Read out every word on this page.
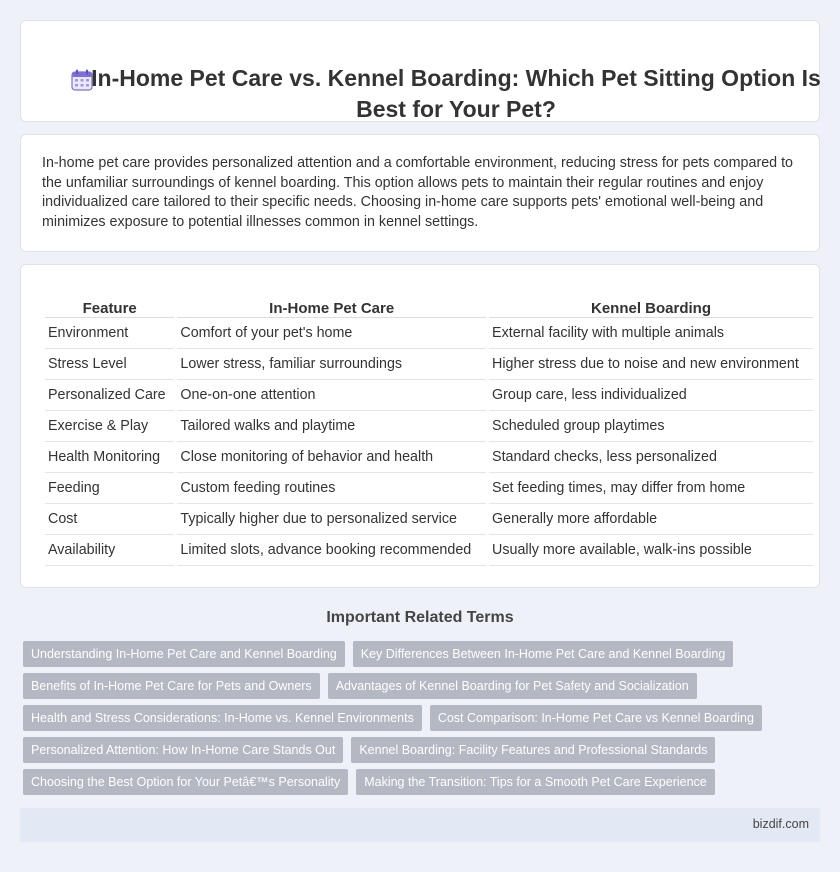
In-Home Pet Care vs. Kennel Boarding: Which Pet Sitting Option Is
Best for Your Pet?

In-home pet care provides personalized attention and a comfortable environment, reducing stress for pets compared to the unfamiliar surroundings of kennel boarding. This option allows pets to maintain their regular routines and enjoy individualized care tailored to their specific needs. Choosing in-home care supports pets' emotional well-being and minimizes exposure to potential illnesses common in kennel settings.

Feature	In-Home Pet Care	Kennel Boarding
Environment	Comfort of your pet's home	External facility with multiple animals
Stress Level	Lower stress, familiar surroundings	Higher stress due to noise and new environment
Personalized Care	One-on-one attention	Group care, less individualized
Exercise & Play	Tailored walks and playtime	Scheduled group playtimes
Health Monitoring	Close monitoring of behavior and health	Standard checks, less personalized
Feeding	Custom feeding routines	Set feeding times, may differ from home
Cost	Typically higher due to personalized service	Generally more affordable
Availability	Limited slots, advance booking recommended	Usually more available, walk-ins possible
Important Related Terms
Understanding In-Home Pet Care and Kennel Boarding	Key Differences Between In-Home Pet Care and Kennel Boarding
Benefits of In-Home Pet Care for Pets and Owners	Advantages of Kennel Boarding for Pet Safety and Socialization
Health and Stress Considerations: In-Home vs. Kennel Environments	Cost Comparison: In-Home Pet Care vs Kennel Boarding
Personalized Attention: How In-Home Care Stands Out	Kennel Boarding: Facility Features and Professional Standards
Choosing the Best Option for Your Petâ€™s Personality	Making the Transition: Tips for a Smooth Pet Care Experience
bizdif.com
